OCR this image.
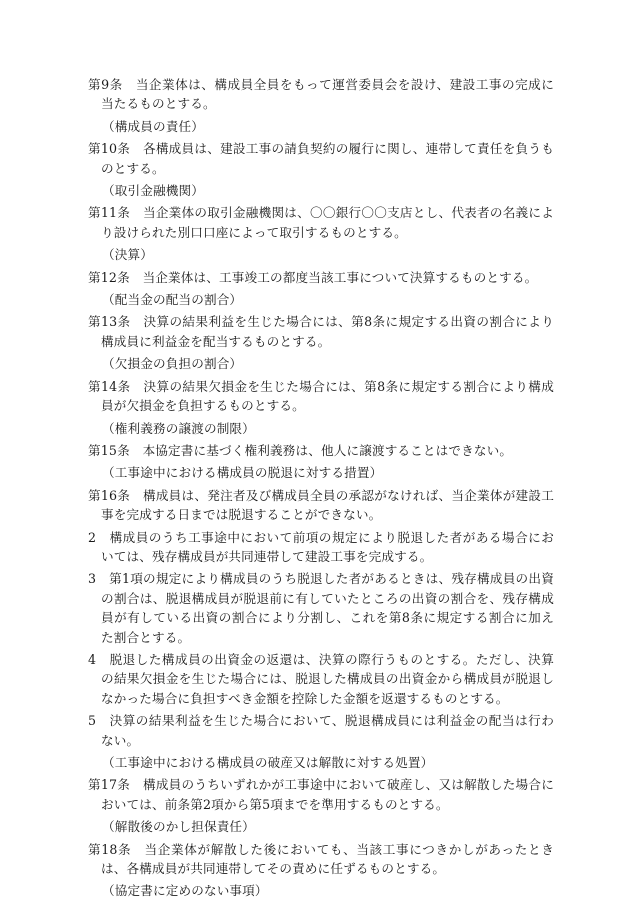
第9条　当企業体は、構成員全員をもって運営委員会を設け、建設工事の完成に当たるものとする。

（構成員の責任）

第10条　各構成員は、建設工事の請負契約の履行に関し、連帯して責任を負うものとする。

（取引金融機関）

第11条　当企業体の取引金融機関は、〇〇銀行〇〇支店とし、代表者の名義により設けられた別口口座によって取引するものとする。

（決算）

第12条　当企業体は、工事竣工の都度当該工事について決算するものとする。

（配当金の配当の割合）

第13条　決算の結果利益を生じた場合には、第8条に規定する出資の割合により構成員に利益金を配当するものとする。

（欠損金の負担の割合）

第14条　決算の結果欠損金を生じた場合には、第8条に規定する割合により構成員が欠損金を負担するものとする。

（権利義務の譲渡の制限）

第15条　本協定書に基づく権利義務は、他人に譲渡することはできない。

（工事途中における構成員の脱退に対する措置）

第16条　構成員は、発注者及び構成員全員の承認がなければ、当企業体が建設工事を完成する日までは脱退することができない。

2　構成員のうち工事途中において前項の規定により脱退した者がある場合においては、残存構成員が共同連帯して建設工事を完成する。

3　第1項の規定により構成員のうち脱退した者があるときは、残存構成員の出資の割合は、脱退構成員が脱退前に有していたところの出資の割合を、残存構成員が有している出資の割合により分割し、これを第8条に規定する割合に加えた割合とする。

4　脱退した構成員の出資金の返還は、決算の際行うものとする。ただし、決算の結果欠損金を生じた場合には、脱退した構成員の出資金から構成員が脱退しなかった場合に負担すべき金額を控除した金額を返還するものとする。

5　決算の結果利益を生じた場合において、脱退構成員には利益金の配当は行わない。

（工事途中における構成員の破産又は解散に対する処置）

第17条　構成員のうちいずれかが工事途中において破産し、又は解散した場合においては、前条第2項から第5項までを準用するものとする。

（解散後のかし担保責任）

第18条　当企業体が解散した後においても、当該工事につきかしがあったときは、各構成員が共同連帯してその責めに任ずるものとする。

（協定書に定めのない事項）
